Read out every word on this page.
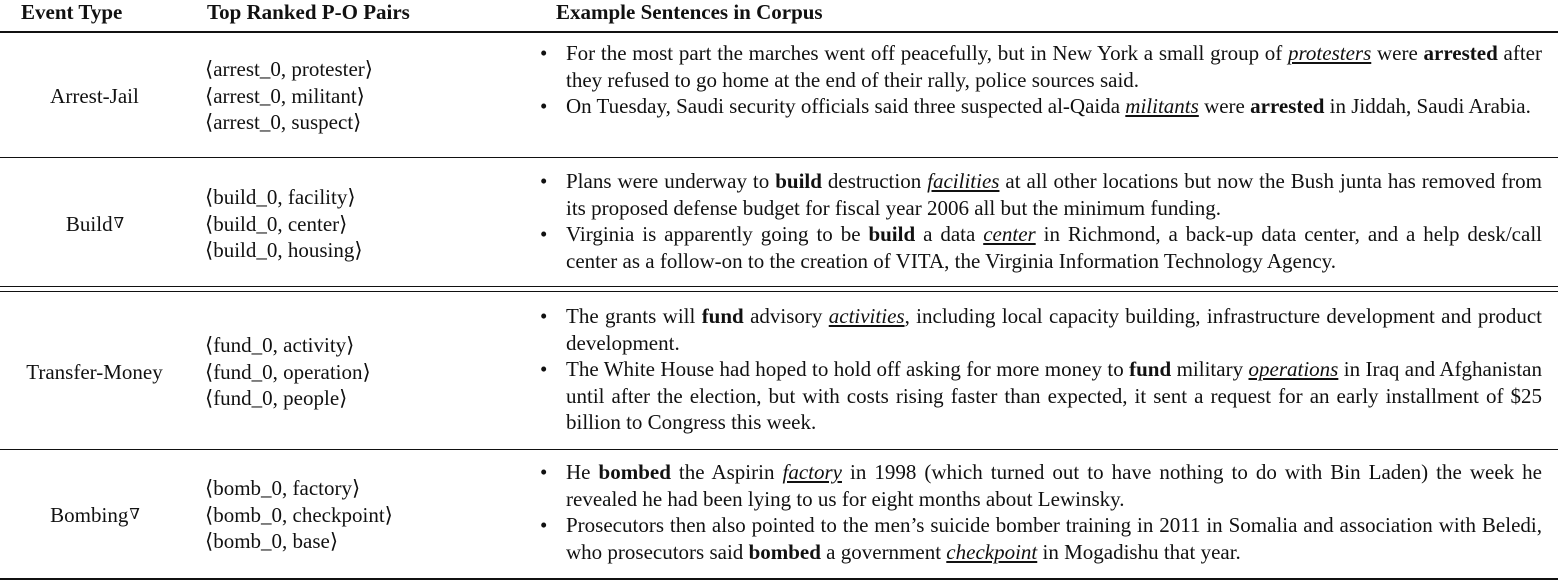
Event Type	Top Ranked P-O Pairs	Example Sentences in Corpus
Arrest-Jail
⟨arrest_0, protester⟩
⟨arrest_0, militant⟩
⟨arrest_0, suspect⟩
• For the most part the marches went off peacefully, but in New York a small group of protesters were arrested after they refused to go home at the end of their rally, police sources said.
• On Tuesday, Saudi security officials said three suspected al-Qaida militants were arrested in Jiddah, Saudi Arabia.
Build ∇
⟨build_0, facility⟩
⟨build_0, center⟩
⟨build_0, housing⟩
• Plans were underway to build destruction facilities at all other locations but now the Bush junta has removed from its proposed defense budget for fiscal year 2006 all but the minimum funding.
• Virginia is apparently going to be build a data center in Richmond, a back-up data center, and a help desk/call center as a follow-on to the creation of VITA, the Virginia Information Technology Agency.
Transfer-Money
⟨fund_0, activity⟩
⟨fund_0, operation⟩
⟨fund_0, people⟩
• The grants will fund advisory activities, including local capacity building, infrastructure development and product development.
• The White House had hoped to hold off asking for more money to fund military operations in Iraq and Afghanistan until after the election, but with costs rising faster than expected, it sent a request for an early installment of $25 billion to Congress this week.
Bombing ∇
⟨bomb_0, factory⟩
⟨bomb_0, checkpoint⟩
⟨bomb_0, base⟩
• He bombed the Aspirin factory in 1998 (which turned out to have nothing to do with Bin Laden) the week he revealed he had been lying to us for eight months about Lewinsky.
• Prosecutors then also pointed to the men’s suicide bomber training in 2011 in Somalia and association with Beledi, who prosecutors said bombed a government checkpoint in Mogadishu that year.
